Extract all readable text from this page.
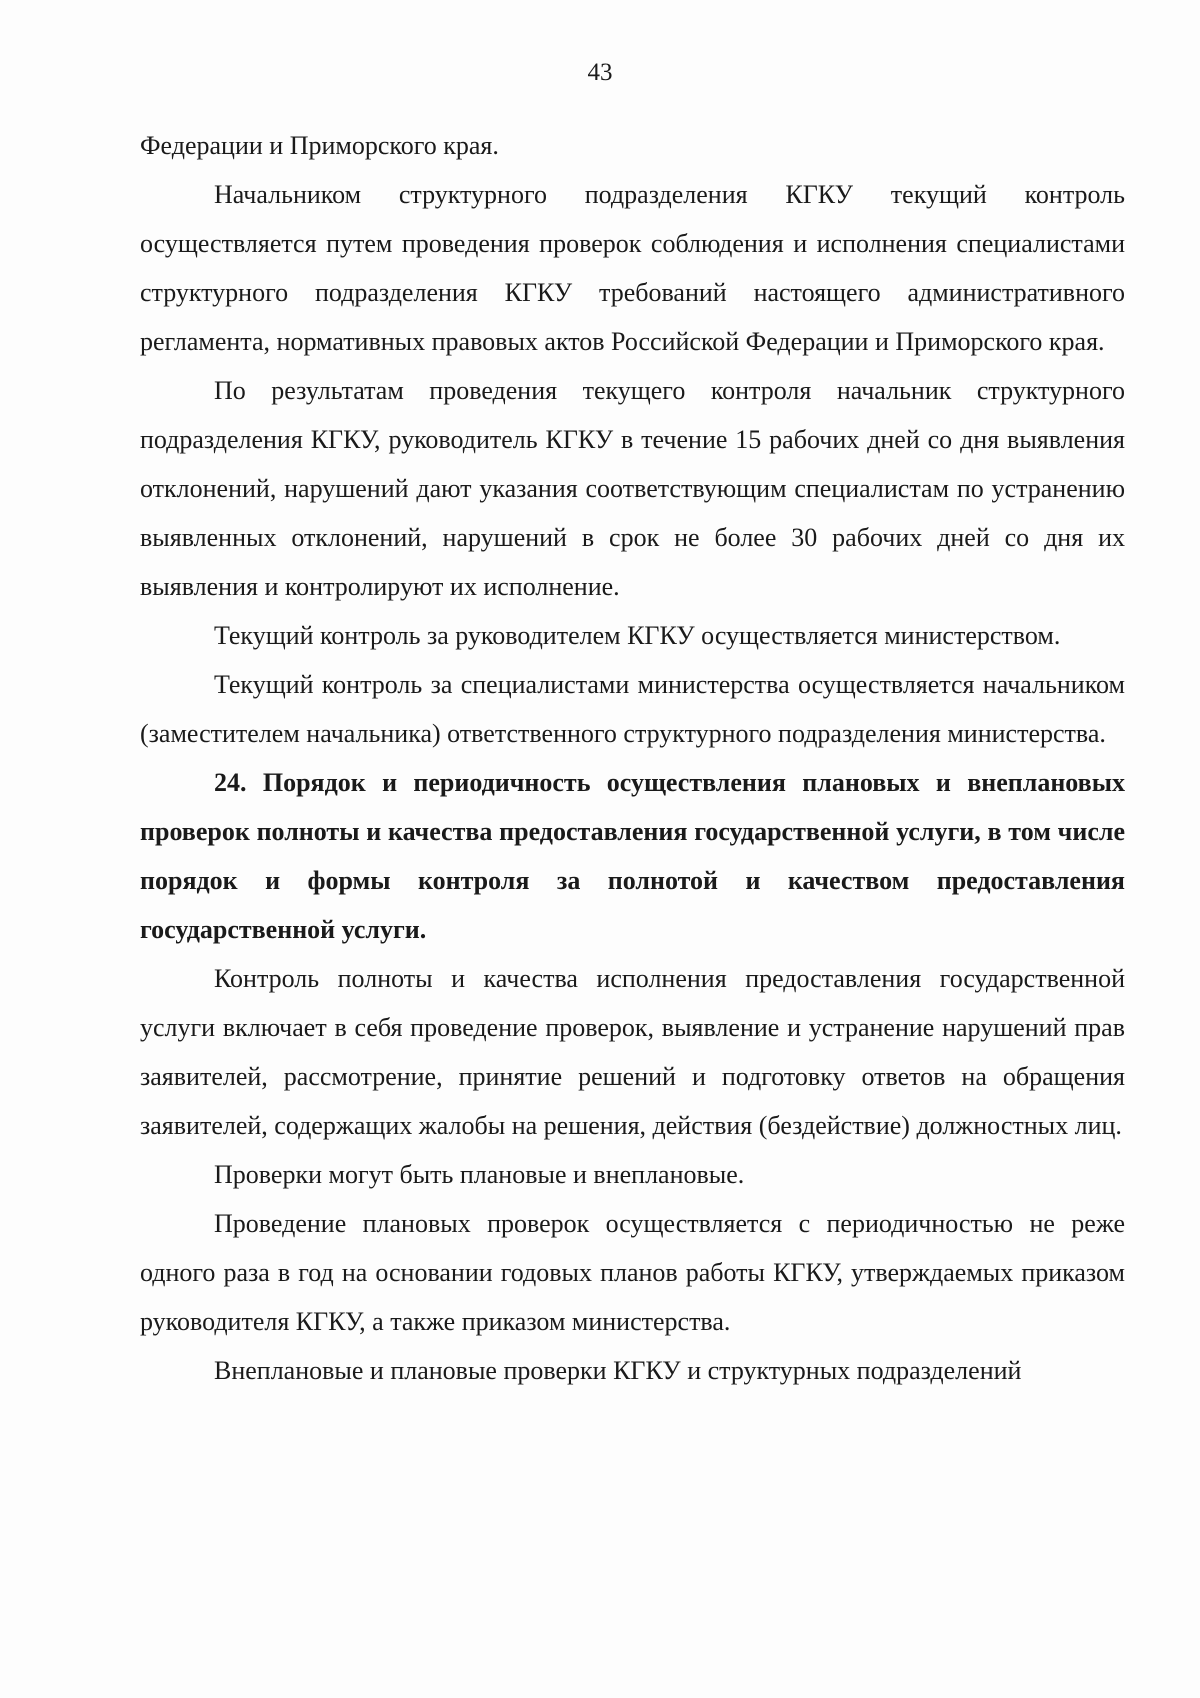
43

Федерации и Приморского края.

Начальником структурного подразделения КГКУ текущий контроль осуществляется путем проведения проверок соблюдения и исполнения специалистами структурного подразделения КГКУ требований настоящего административного регламента, нормативных правовых актов Российской Федерации и Приморского края.

По результатам проведения текущего контроля начальник структурного подразделения КГКУ, руководитель КГКУ в течение 15 рабочих дней со дня выявления отклонений, нарушений дают указания соответствующим специалистам по устранению выявленных отклонений, нарушений в срок не более 30 рабочих дней со дня их выявления и контролируют их исполнение.

Текущий контроль за руководителем КГКУ осуществляется министерством.

Текущий контроль за специалистами министерства осуществляется начальником (заместителем начальника) ответственного структурного подразделения министерства.

24. Порядок и периодичность осуществления плановых и внеплановых проверок полноты и качества предоставления государственной услуги, в том числе порядок и формы контроля за полнотой и качеством предоставления государственной услуги.

Контроль полноты и качества исполнения предоставления государственной услуги включает в себя проведение проверок, выявление и устранение нарушений прав заявителей, рассмотрение, принятие решений и подготовку ответов на обращения заявителей, содержащих жалобы на решения, действия (бездействие) должностных лиц.

Проверки могут быть плановые и внеплановые.

Проведение плановых проверок осуществляется с периодичностью не реже одного раза в год на основании годовых планов работы КГКУ, утверждаемых приказом руководителя КГКУ, а также приказом министерства.

Внеплановые и плановые проверки КГКУ и структурных подразделений
